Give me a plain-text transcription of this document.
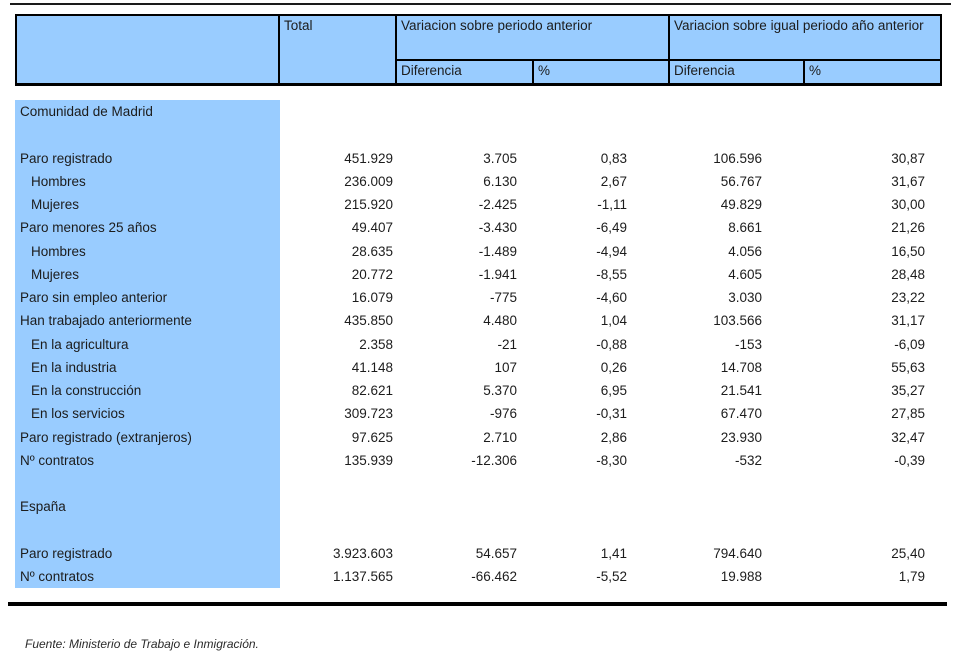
	Total	Variacion sobre periodo anterior		Variacion sobre igual periodo año anterior	
		Diferencia	%	Diferencia	%
Comunidad de Madrid					

Paro registrado	451.929	3.705	0,83	106.596	30,87
Hombres	236.009	6.130	2,67	56.767	31,67
Mujeres	215.920	-2.425	-1,11	49.829	30,00
Paro menores 25 años	49.407	-3.430	-6,49	8.661	21,26
Hombres	28.635	-1.489	-4,94	4.056	16,50
Mujeres	20.772	-1.941	-8,55	4.605	28,48
Paro sin empleo anterior	16.079	-775	-4,60	3.030	23,22
Han trabajado anteriormente	435.850	4.480	1,04	103.566	31,17
En la agricultura	2.358	-21	-0,88	-153	-6,09
En la industria	41.148	107	0,26	14.708	55,63
En la construcción	82.621	5.370	6,95	21.541	35,27
En los servicios	309.723	-976	-0,31	67.470	27,85
Paro registrado (extranjeros)	97.625	2.710	2,86	23.930	32,47
Nº contratos	135.939	-12.306	-8,30	-532	-0,39

España					

Paro registrado	3.923.603	54.657	1,41	794.640	25,40
Nº contratos	1.137.565	-66.462	-5,52	19.988	1,79
Fuente: Ministerio de Trabajo e Inmigración.
